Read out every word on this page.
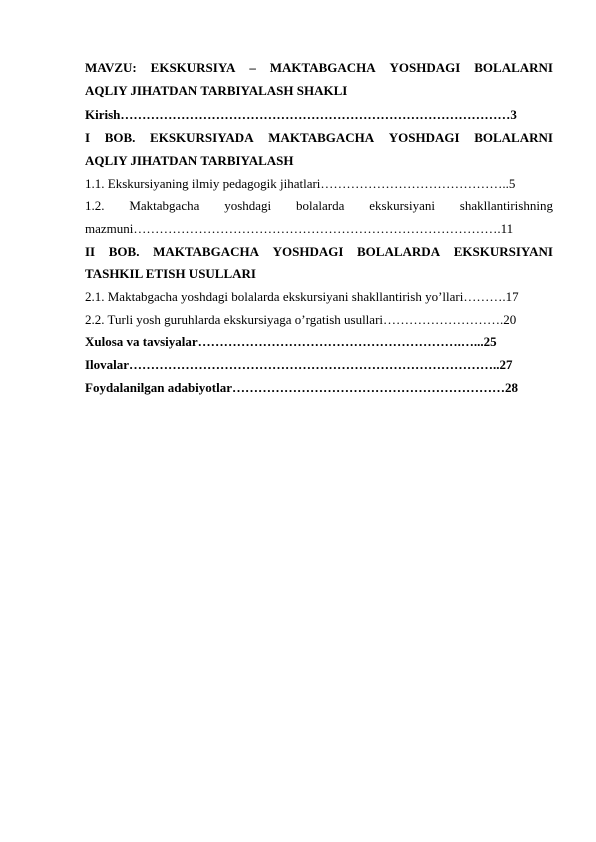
MAVZU: EKSKURSIYA – MAKTABGACHA YOSHDAGI BOLALARNI
AQLIY JIHATDAN TARBIYALASH SHAKLI
Kirish………………………………………………………………………………3
I BOB. EKSKURSIYADA MAKTABGACHA YOSHDAGI BOLALARNI
AQLIY JIHATDAN TARBIYALASH
1.1. Ekskursiyaning ilmiy pedagogik jihatlari……………………………………..5
1.2. Maktabgacha yoshdagi bolalarda ekskursiyani shakllantirishning
mazmuni………………………………………………………………………….11
II BOB. MAKTABGACHA YOSHDAGI BOLALARDA EKSKURSIYANI
TASHKIL ETISH USULLARI
2.1. Maktabgacha yoshdagi bolalarda ekskursiyani shakllantirish yo’llari……….17
2.2. Turli yosh guruhlarda ekskursiyaga o’rgatish usullari……………………….20
Xulosa va tavsiyalar…………………………………………………….…...25
Ilovalar…………………………………………………………………………..27
Foydalanilgan adabiyotlar………………………………………………………28
